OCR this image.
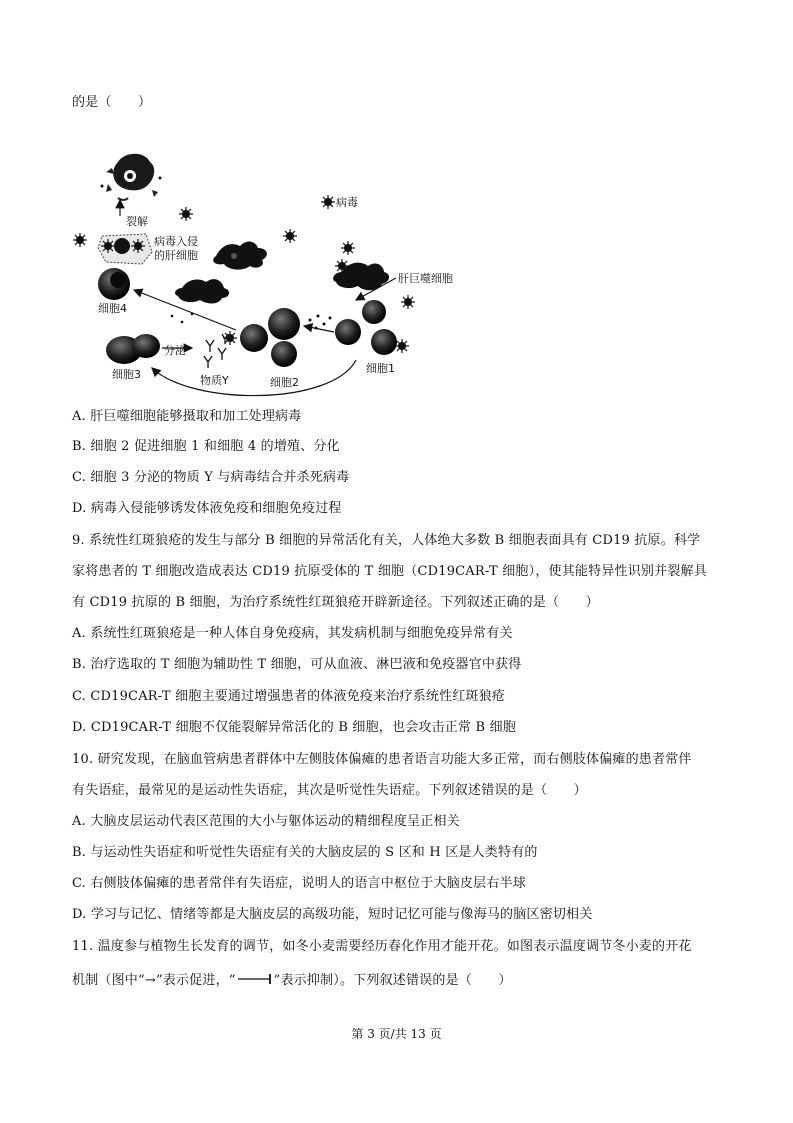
的是（　　）
裂解
病毒入侵
的肝细胞
病毒
肝巨噬细胞
细胞4
细胞2
细胞1
细胞3
分泌
物质Y
A. 肝巨噬细胞能够摄取和加工处理病毒
B. 细胞 2 促进细胞 1 和细胞 4 的增殖、分化
C. 细胞 3 分泌的物质 Y 与病毒结合并杀死病毒
D. 病毒入侵能够诱发体液免疫和细胞免疫过程
9. 系统性红斑狼疮的发生与部分 B 细胞的异常活化有关，人体绝大多数 B 细胞表面具有 CD19 抗原。科学
家将患者的 T 细胞改造成表达 CD19 抗原受体的 T 细胞（CD19CAR-T 细胞），使其能特异性识别并裂解具
有 CD19 抗原的 B 细胞，为治疗系统性红斑狼疮开辟新途径。下列叙述正确的是（　　）
A. 系统性红斑狼疮是一种人体自身免疫病，其发病机制与细胞免疫异常有关
B. 治疗选取的 T 细胞为辅助性 T 细胞，可从血液、淋巴液和免疫器官中获得
C. CD19CAR-T 细胞主要通过增强患者的体液免疫来治疗系统性红斑狼疮
D. CD19CAR-T 细胞不仅能裂解异常活化的 B 细胞，也会攻击正常 B 细胞
10. 研究发现，在脑血管病患者群体中左侧肢体偏瘫的患者语言功能大多正常，而右侧肢体偏瘫的患者常伴
有失语症，最常见的是运动性失语症，其次是听觉性失语症。下列叙述错误的是（　　）
A. 大脑皮层运动代表区范围的大小与躯体运动的精细程度呈正相关
B. 与运动性失语症和听觉性失语症有关的大脑皮层的 S 区和 H 区是人类特有的
C. 右侧肢体偏瘫的患者常伴有失语症，说明人的语言中枢位于大脑皮层右半球
D. 学习与记忆、情绪等都是大脑皮层的高级功能，短时记忆可能与像海马的脑区密切相关
11. 温度参与植物生长发育的调节，如冬小麦需要经历春化作用才能开花。如图表示温度调节冬小麦的开花
机制（图中“→”表示促进，“	”表示抑制）。下列叙述错误的是（　　）
第 3 页/共 13 页
